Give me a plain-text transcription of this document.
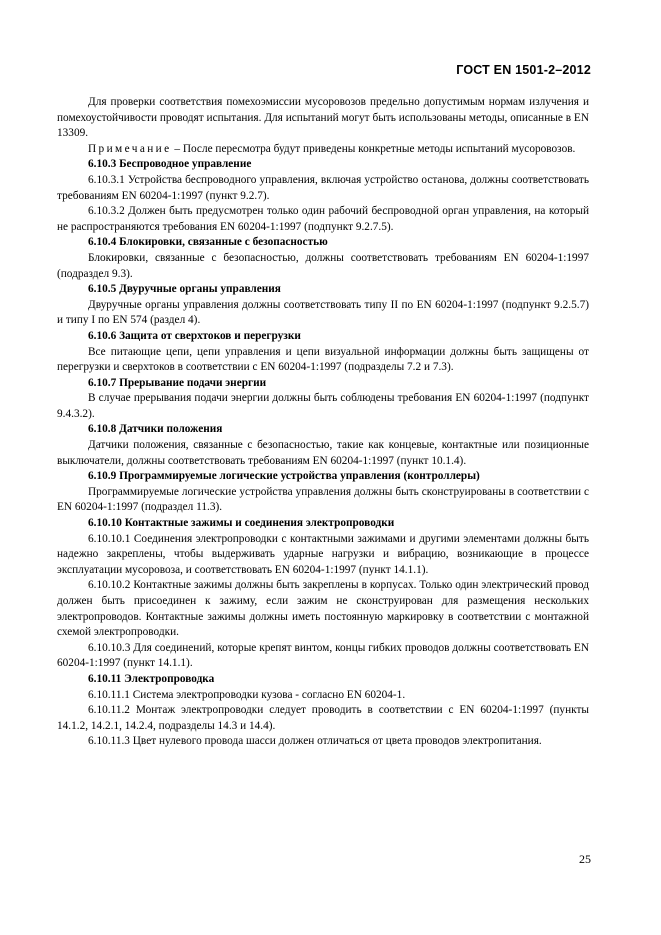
ГОСТ EN 1501-2–2012

Для проверки соответствия помехоэмиссии мусоровозов предельно допустимым нормам излучения и помехоустойчивости проводят испытания. Для испытаний могут быть использованы методы, описанные в EN 13309.

Примечание – После пересмотра будут приведены конкретные методы испытаний мусоровозов.

6.10.3 Беспроводное управление

6.10.3.1 Устройства беспроводного управления, включая устройство останова, должны соответствовать требованиям EN 60204-1:1997 (пункт 9.2.7).

6.10.3.2 Должен быть предусмотрен только один рабочий беспроводной орган управления, на который не распространяются требования EN 60204-1:1997 (подпункт 9.2.7.5).

6.10.4 Блокировки, связанные с безопасностью

Блокировки, связанные с безопасностью, должны соответствовать требованиям EN 60204-1:1997 (подраздел 9.3).

6.10.5 Двуручные органы управления

Двуручные органы управления должны соответствовать типу II по EN 60204-1:1997 (подпункт 9.2.5.7) и типу I по EN 574 (раздел 4).

6.10.6 Защита от сверхтоков и перегрузки

Все питающие цепи, цепи управления и цепи визуальной информации должны быть защищены от перегрузки и сверхтоков в соответствии с EN 60204-1:1997 (подразделы 7.2 и 7.3).

6.10.7 Прерывание подачи энергии

В случае прерывания подачи энергии должны быть соблюдены требования EN 60204-1:1997 (подпункт 9.4.3.2).

6.10.8 Датчики положения

Датчики положения, связанные с безопасностью, такие как концевые, контактные или позиционные выключатели, должны соответствовать требованиям EN 60204-1:1997 (пункт 10.1.4).

6.10.9 Программируемые логические устройства управления (контроллеры)

Программируемые логические устройства управления должны быть сконструированы в соответствии с EN 60204-1:1997 (подраздел 11.3).

6.10.10 Контактные зажимы и соединения электропроводки

6.10.10.1 Соединения электропроводки с контактными зажимами и другими элементами должны быть надежно закреплены, чтобы выдерживать ударные нагрузки и вибрацию, возникающие в процессе эксплуатации мусоровоза, и соответствовать EN 60204-1:1997 (пункт 14.1.1).

6.10.10.2 Контактные зажимы должны быть закреплены в корпусах. Только один электрический провод должен быть присоединен к зажиму, если зажим не сконструирован для размещения нескольких электропроводов. Контактные зажимы должны иметь постоянную маркировку в соответствии с монтажной схемой электропроводки.

6.10.10.3 Для соединений, которые крепят винтом, концы гибких проводов должны соответствовать EN 60204-1:1997 (пункт 14.1.1).

6.10.11 Электропроводка

6.10.11.1 Система электропроводки кузова - согласно EN 60204-1.

6.10.11.2 Монтаж электропроводки следует проводить в соответствии с EN 60204-1:1997 (пункты 14.1.2, 14.2.1, 14.2.4, подразделы 14.3 и 14.4).

6.10.11.3 Цвет нулевого провода шасси должен отличаться от цвета проводов электропитания.

25
